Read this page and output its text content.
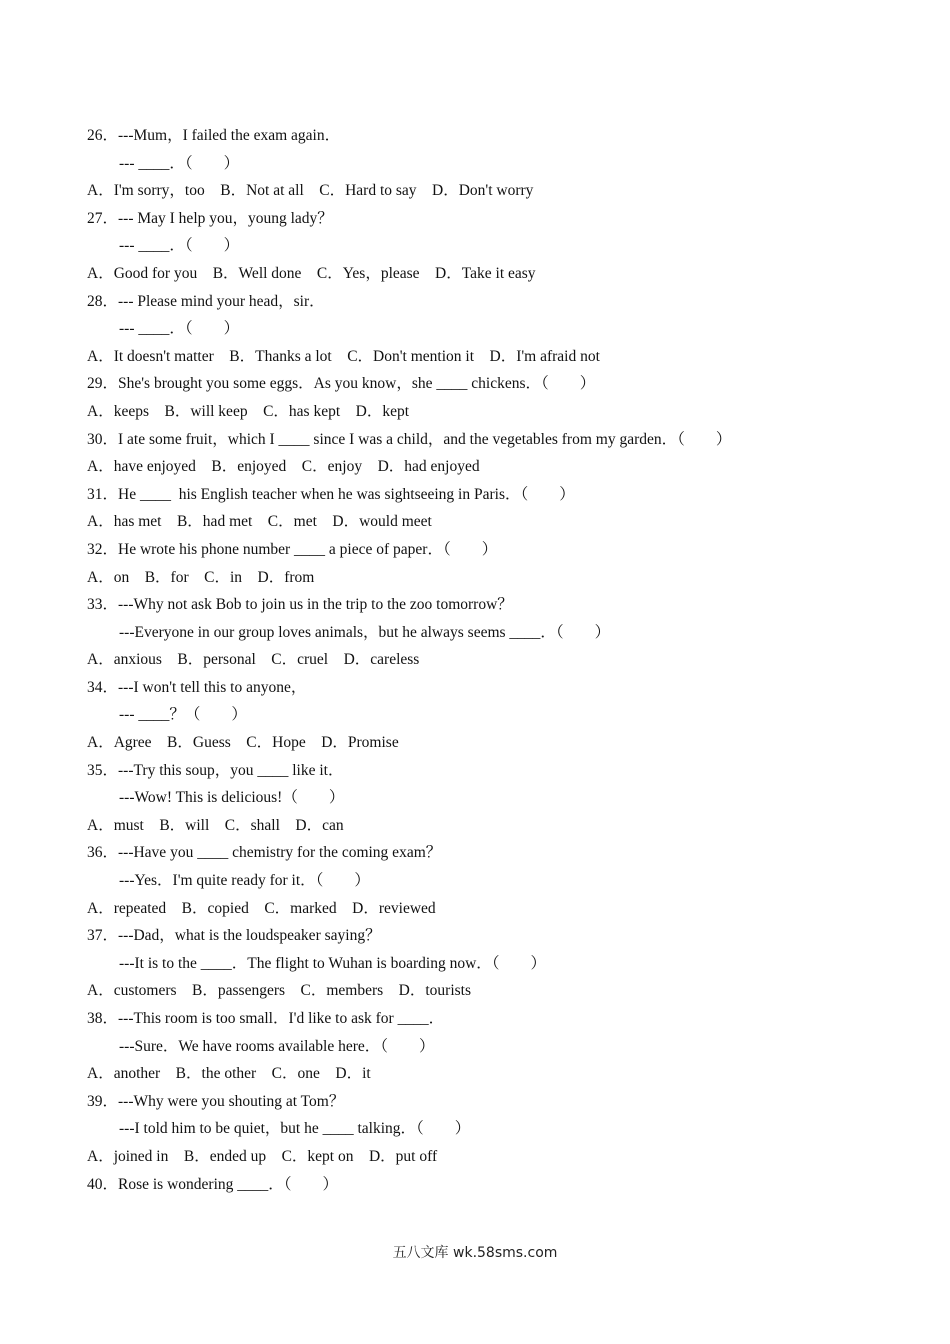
26．---Mum，I failed the exam again．
--- ____．（　　）
A．I'm sorry，too　B．Not at all　C．Hard to say　D．Don't worry
27．--- May I help you，young lady？
--- ____．（　　）
A．Good for you　B．Well done　C．Yes，please　D．Take it easy
28．--- Please mind your head，sir．
--- ____．（　　）
A．It doesn't matter　B．Thanks a lot　C．Don't mention it　D．I'm afraid not
29．She's brought you some eggs．As you know，she ____ chickens．（　　）
A．keeps　B．will keep　C．has kept　D．kept
30．I ate some fruit，which I ____ since I was a child，and the vegetables from my garden．（　　）
A．have enjoyed　B．enjoyed　C．enjoy　D．had enjoyed
31．He ____  his English teacher when he was sightseeing in Paris．（　　）
A．has met　B．had met　C．met　D．would meet
32．He wrote his phone number ____ a piece of paper．（　　）
A．on　B．for　C．in　D．from
33．---Why not ask Bob to join us in the trip to the zoo tomorrow？
---Everyone in our group loves animals，but he always seems ____．（　　）
A．anxious　B．personal　C．cruel　D．careless
34．---I won't tell this to anyone，
--- ____？（　　）
A．Agree　B．Guess　C．Hope　D．Promise
35．---Try this soup，you ____ like it．
---Wow! This is delicious!（　　）
A．must　B．will　C．shall　D．can
36．---Have you ____ chemistry for the coming exam？
---Yes．I'm quite ready for it．（　　）
A．repeated　B．copied　C．marked　D．reviewed
37．---Dad，what is the loudspeaker saying？
---It is to the ____．The flight to Wuhan is boarding now．（　　）
A．customers　B．passengers　C．members　D．tourists
38．---This room is too small．I'd like to ask for ____．
---Sure．We have rooms available here．（　　）
A．another　B．the other　C．one　D．it
39．---Why were you shouting at Tom？
---I told him to be quiet，but he ____ talking．（　　）
A．joined in　B．ended up　C．kept on　D．put off
40．Rose is wondering ____．（　　）
五八文库 wk.58sms.com
